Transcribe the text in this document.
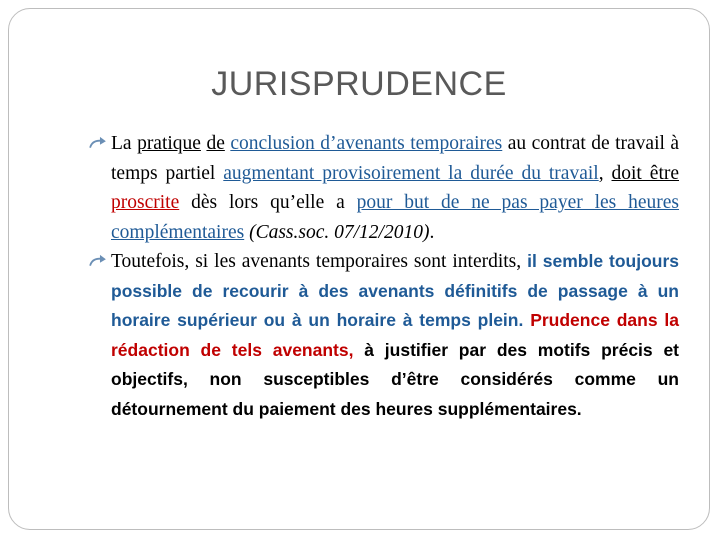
JURISPRUDENCE
La pratique de conclusion d’avenants temporaires au contrat de travail à temps partiel augmentant provisoirement la durée du travail, doit être proscrite dès lors qu’elle a pour but de ne pas payer les heures complémentaires (Cass.soc. 07/12/2010).
Toutefois, si les avenants temporaires sont interdits, il semble toujours possible de recourir à des avenants définitifs de passage à un horaire supérieur ou à un horaire à temps plein. Prudence dans la rédaction de tels avenants, à justifier par des motifs précis et objectifs, non susceptibles d’être considérés comme un détournement du paiement des heures supplémentaires.
